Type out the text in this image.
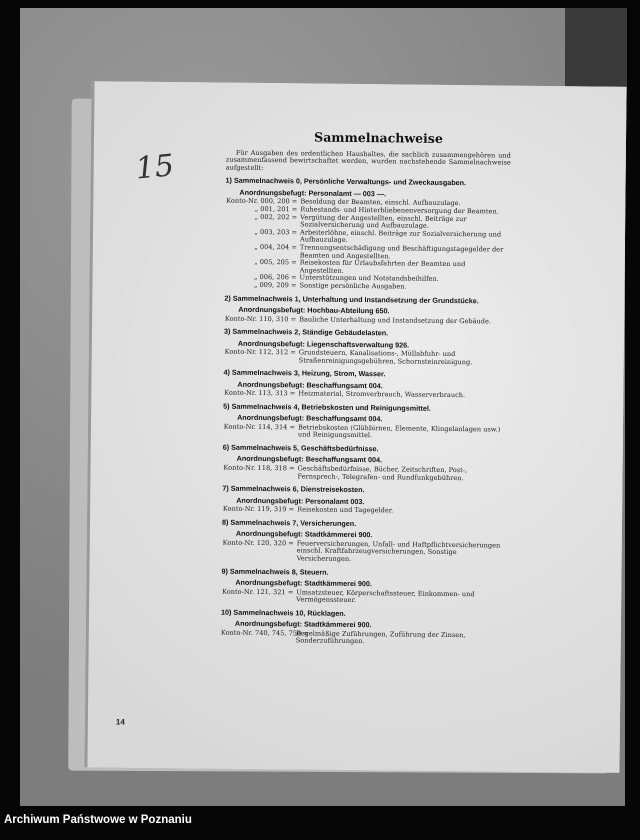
15
Sammelnachweise
Für Ausgaben des ordentlichen Haushaltes, die sachlich zusammengehören und zusammenfassend bewirtschaftet werden, wurden nachstehende Sammelnachweise aufgestellt:
1) Sammelnachweis 0, Persönliche Verwaltungs- und Zweckausgaben.
Anordnungsbefugt: Personalamt — 003 —.
Konto-Nr. 000, 200 = Besoldung der Beamten, einschl. Aufbauzulage.
„ 001, 201 = Ruhestands- und Hinterbliebenenversorgung der Beamten.
„ 002, 202 = Vergütung der Angestellten, einschl. Beiträge zur Sozialversicherung und Aufbauzulage.
„ 003, 203 = Arbeiterlöhne, einschl. Beiträge zur Sozialversicherung und Aufbauzulage.
„ 004, 204 = Trennungsentschädigung und Beschäftigungstagegelder der Beamten und Angestellten.
„ 005, 205 = Reisekosten für Urlaubsfahrten der Beamten und Angestellten.
„ 006, 206 = Unterstützungen und Notstandsbeihilfen.
„ 009, 209 = Sonstige persönliche Ausgaben.
2) Sammelnachweis 1, Unterhaltung und Instandsetzung der Grundstücke.
Anordnungsbefugt: Hochbau-Abteilung 650.
Konto-Nr. 110, 310 = Bauliche Unterhaltung und Instandsetzung der Gebäude.
3) Sammelnachweis 2, Ständige Gebäudelasten.
Anordnungsbefugt: Liegenschaftsverwaltung 926.
Konto-Nr. 112, 312 = Grundsteuern, Kanalisations-, Müllabfuhr- und Straßenreinigungsgebühren, Schornsteinreinigung.
4) Sammelnachweis 3, Heizung, Strom, Wasser.
Anordnungsbefugt: Beschaffungsamt 004.
Konto-Nr. 113, 313 = Heizmaterial, Stromverbrauch, Wasserverbrauch.
5) Sammelnachweis 4, Betriebskosten und Reinigungsmittel.
Anordnungsbefugt: Beschaffungsamt 004.
Konto-Nr. 114, 314 = Betriebskosten (Glühbirnen, Elemente, Klingelanlagen usw.) und Reinigungsmittel.
6) Sammelnachweis 5, Geschäftsbedürfnisse.
Anordnungsbefugt: Beschaffungsamt 004.
Konto-Nr. 118, 318 = Geschäftsbedürfnisse, Bücher, Zeitschriften, Post-, Fernsprech-, Telegrafen- und Rundfunkgebühren.
7) Sammelnachweis 6, Dienstreisekosten.
Anordnungsbefugt: Personalamt 003.
Konto-Nr. 119, 319 = Reisekosten und Tagegelder.
8) Sammelnachweis 7, Versicherungen.
Anordnungsbefugt: Stadtkämmerei 900.
Konto-Nr. 120, 320 = Feuerversicherungen, Unfall- und Haftpflichtversicherungen einschl. Kraftfahrzeugversicherungen, Sonstige Versicherungen.
9) Sammelnachweis 8, Steuern.
Anordnungsbefugt: Stadtkämmerei 900.
Konto-Nr. 121, 321 = Umsatzsteuer, Körperschaftssteuer, Einkommen- und Vermögenssteuer.
10) Sammelnachweis 10, Rücklagen.
Anordnungsbefugt: Stadtkämmerei 900.
Konto-Nr. 740, 745, 750 =
Regelmäßige Zuführungen, Zuführung der Zinsen, Sonderzuführungen.
14
Archiwum Państwowe w Poznaniu
